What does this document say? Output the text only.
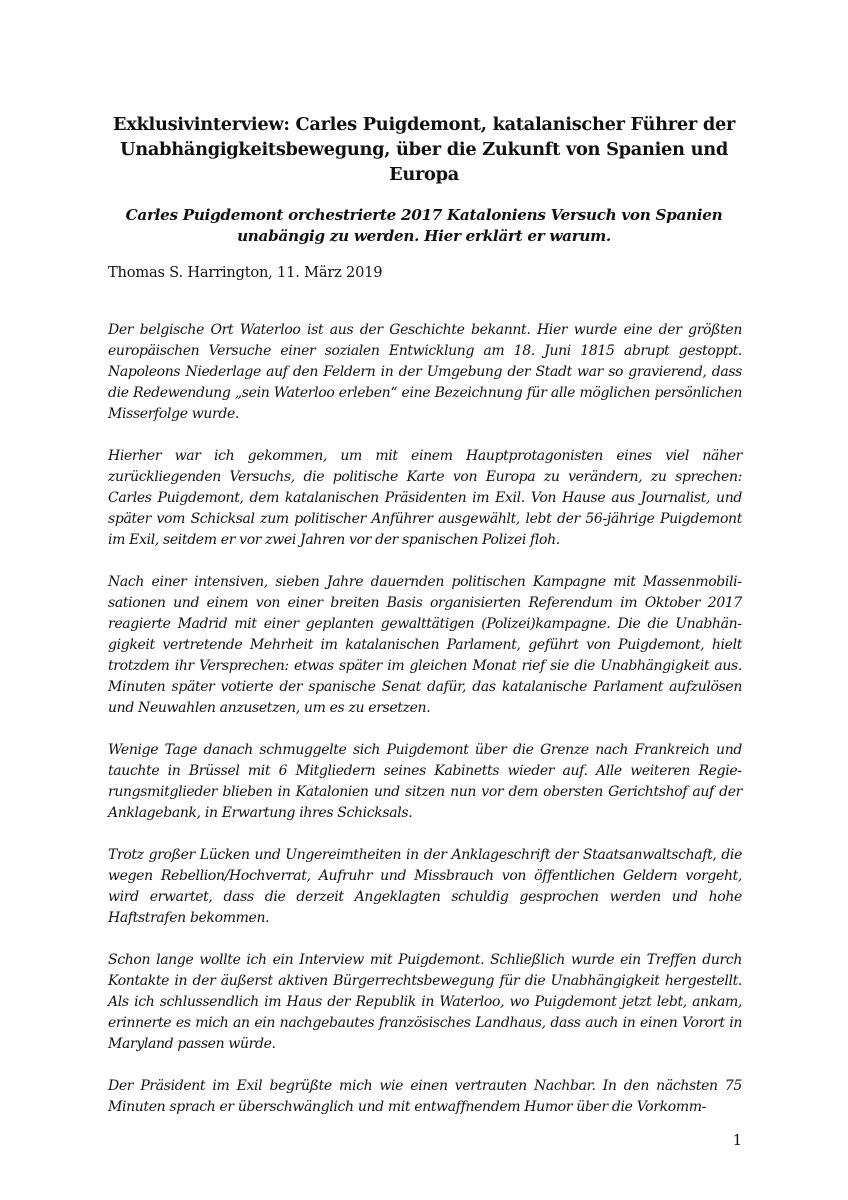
Exklusivinterview: Carles Puigdemont, katalanischer Führer der Unabhängigkeitsbewegung, über die Zukunft von Spanien und Europa

Carles Puigdemont orchestrierte 2017 Kataloniens Versuch von Spanien unabängig zu werden. Hier erklärt er warum.

Thomas S. Harrington, 11. März 2019

Der belgische Ort Waterloo ist aus der Geschichte bekannt. Hier wurde eine der größten europäischen Versuche einer sozialen Entwicklung am 18. Juni 1815 abrupt gestoppt. Napoleons Niederlage auf den Feldern in der Umgebung der Stadt war so gravierend, dass die Redewendung „sein Waterloo erleben“ eine Bezeichnung für alle möglichen persönlichen Misserfolge wurde.

Hierher war ich gekommen, um mit einem Hauptprotagonisten eines viel näher zurückliegenden Versuchs, die politische Karte von Europa zu verändern, zu sprechen: Carles Puigdemont, dem katalanischen Präsidenten im Exil. Von Hause aus Journalist, und später vom Schicksal zum politischer Anführer ausgewählt, lebt der 56-jährige Puigdemont im Exil, seitdem er vor zwei Jahren vor der spanischen Polizei floh.

Nach einer intensiven, sieben Jahre dauernden politischen Kampagne mit Massenmobilisationen und einem von einer breiten Basis organisierten Referendum im Oktober 2017 reagierte Madrid mit einer geplanten gewalttätigen (Polizei)kampagne. Die die Unabhängigkeit vertretende Mehrheit im katalanischen Parlament, geführt von Puigdemont, hielt trotzdem ihr Versprechen: etwas später im gleichen Monat rief sie die Unabhängigkeit aus. Minuten später votierte der spanische Senat dafür, das katalanische Parlament aufzulösen und Neuwahlen anzusetzen, um es zu ersetzen.

Wenige Tage danach schmuggelte sich Puigdemont über die Grenze nach Frankreich und tauchte in Brüssel mit 6 Mitgliedern seines Kabinetts wieder auf. Alle weiteren Regierungsmitglieder blieben in Katalonien und sitzen nun vor dem obersten Gerichtshof auf der Anklagebank, in Erwartung ihres Schicksals.

Trotz großer Lücken und Ungereimtheiten in der Anklageschrift der Staatsanwaltschaft, die wegen Rebellion/Hochverrat, Aufruhr und Missbrauch von öffentlichen Geldern vorgeht, wird erwartet, dass die derzeit Angeklagten schuldig gesprochen werden und hohe Haftstrafen bekommen.

Schon lange wollte ich ein Interview mit Puigdemont. Schließlich wurde ein Treffen durch Kontakte in der äußerst aktiven Bürgerrechtsbewegung für die Unabhängigkeit hergestellt. Als ich schlussendlich im Haus der Republik in Waterloo, wo Puigdemont jetzt lebt, ankam, erinnerte es mich an ein nachgebautes französisches Landhaus, dass auch in einen Vorort in Maryland passen würde.

Der Präsident im Exil begrüßte mich wie einen vertrauten Nachbar. In den nächsten 75 Minuten sprach er überschwänglich und mit entwaffnendem Humor über die Vorkomm-

1
